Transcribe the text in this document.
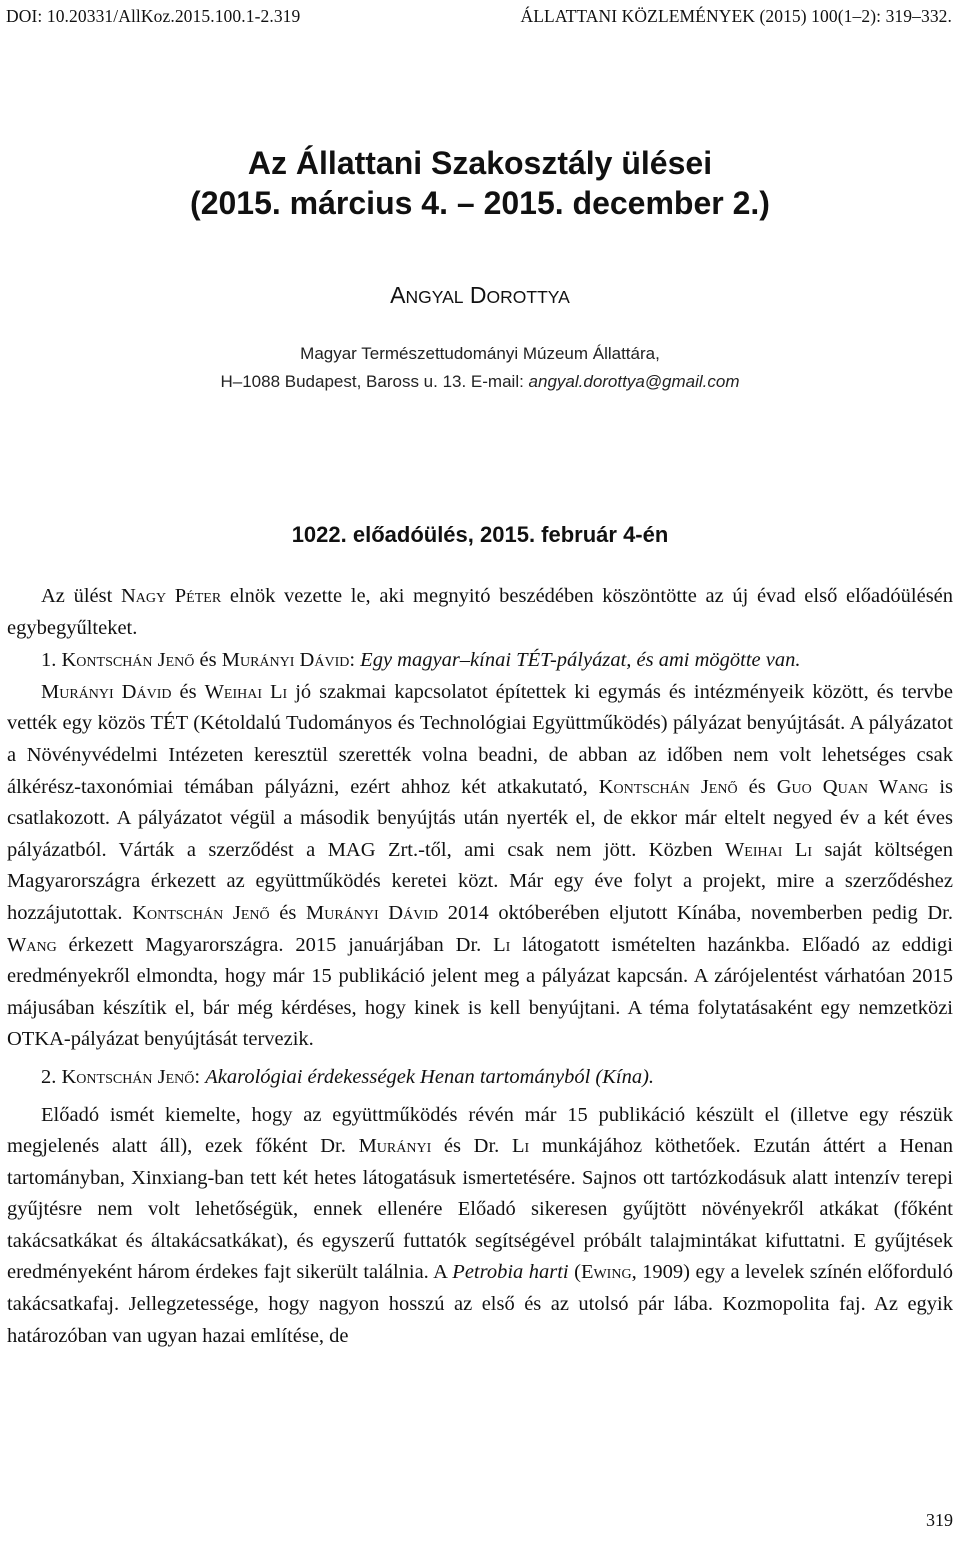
DOI: 10.20331/AllKoz.2015.100.1-2.319	ÁLLATTANI KÖZLEMÉNYEK (2015) 100(1–2): 319–332.
Az Állattani Szakosztály ülései
(2015. március 4. – 2015. december 2.)
ANGYAL DOROTTYA
Magyar Természettudományi Múzeum Állattára,
H–1088 Budapest, Baross u. 13. E-mail: angyal.dorottya@gmail.com
1022. előadóülés, 2015. február 4-én

Az ülést Nagy Péter elnök vezette le, aki megnyitó beszédében köszöntötte az új évad első előadóülésén egybegyűlteket.

1. Kontschán Jenő és Murányi Dávid: Egy magyar–kínai TÉT-pályázat, és ami mögötte van.

Murányi Dávid és Weihai Li jó szakmai kapcsolatot építettek ki egymás és intézményeik között, és tervbe vették egy közös TÉT (Kétoldalú Tudományos és Technológiai Együttműködés) pályázat benyújtását. A pályázatot a Növényvédelmi Intézeten keresztül szerették volna beadni, de abban az időben nem volt lehetséges csak álkérész-taxonómiai témában pályázni, ezért ahhoz két atkakutató, Kontschán Jenő és Guo Quan Wang is csatlakozott. A pályázatot végül a második benyújtás után nyerték el, de ekkor már eltelt negyed év a két éves pályázatból. Várták a szerződést a MAG Zrt.-től, ami csak nem jött. Közben Weihai Li saját költségen Magyarországra érkezett az együttműködés keretei közt. Már egy éve folyt a projekt, mire a szerződéshez hozzájutottak. Kontschán Jenő és Murányi Dávid 2014 októberében eljutott Kínába, novemberben pedig Dr. Wang érkezett Magyarországra. 2015 januárjában Dr. Li látogatott ismételten hazánkba. Előadó az eddigi eredményekről elmondta, hogy már 15 publikáció jelent meg a pályázat kapcsán. A zárójelentést várhatóan 2015 májusában készítik el, bár még kérdéses, hogy kinek is kell benyújtani. A téma folytatásaként egy nemzetközi OTKA-pályázat benyújtását tervezik.

2. Kontschán Jenő: Akarológiai érdekességek Henan tartományból (Kína).

Előadó ismét kiemelte, hogy az együttműködés révén már 15 publikáció készült el (illetve egy részük megjelenés alatt áll), ezek főként Dr. Murányi és Dr. Li munkájához köthetőek. Ezután áttért a Henan tartományban, Xinxiang-ban tett két hetes látogatásuk ismertetésére. Sajnos ott tartózkodásuk alatt intenzív terepi gyűjtésre nem volt lehetőségük, ennek ellenére Előadó sikeresen gyűjtött növényekről atkákat (főként takácsatkákat és áltakácsatkákat), és egyszerű futtatók segítségével próbált talajmintákat kifuttatni. E gyűjtések eredményeként három érdekes fajt sikerült találnia. A Petrobia harti (Ewing, 1909) egy a levelek színén előforduló takácsatkafaj. Jellegzetessége, hogy nagyon hosszú az első és az utolsó pár lába. Kozmopolita faj. Az egyik határozóban van ugyan hazai említése, de

319
